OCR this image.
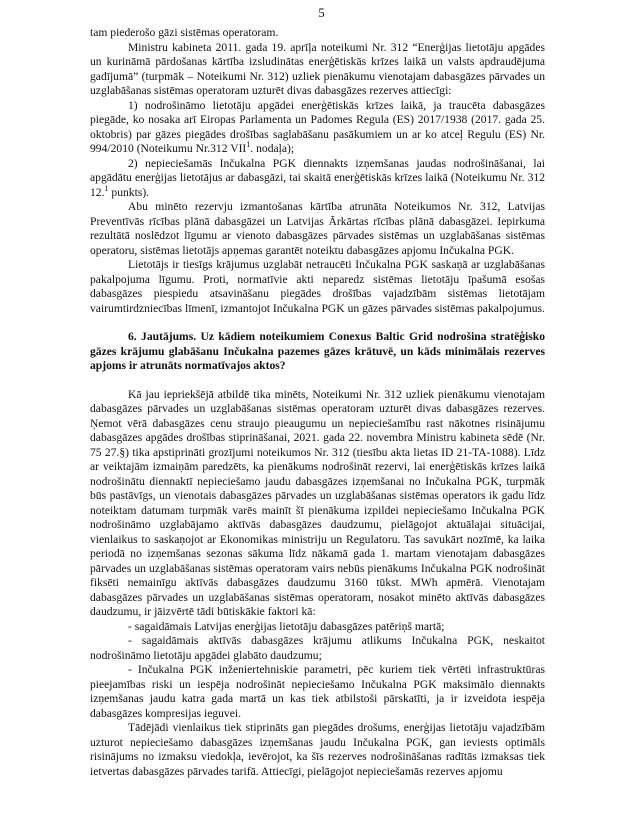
5

tam piederošo gāzi sistēmas operatoram.

Ministru kabineta 2011. gada 19. aprīļa noteikumi Nr. 312 “Enerģijas lietotāju apgādes un kurināmā pārdošanas kārtība izsludinātas enerģētiskās krīzes laikā un valsts apdraudējuma gadījumā” (turpmāk – Noteikumi Nr. 312) uzliek pienākumu vienotajam dabasgāzes pārvades un uzglabāšanas sistēmas operatoram uzturēt divas dabasgāzes rezerves attiecīgi:

1) nodrošināmo lietotāju apgādei enerģētiskās krīzes laikā, ja traucēta dabasgāzes piegāde, ko nosaka arī Eiropas Parlamenta un Padomes Regula (ES) 2017/1938 (2017. gada 25. oktobris) par gāzes piegādes drošības saglabāšanu pasākumiem un ar ko atceļ Regulu (ES) Nr. 994/2010 (Noteikumu Nr.312 VII$^1$. nodaļa);

2) nepieciešamās Inčukalna PGK diennakts izņemšanas jaudas nodrošināšanai, lai apgādātu enerģijas lietotājus ar dabasgāzi, tai skaitā enerģētiskās krīzes laikā (Noteikumu Nr. 312 12.$^1$ punkts).

Abu minēto rezervju izmantošanas kārtība atrunāta Noteikumos Nr. 312, Latvijas Preventīvās rīcības plānā dabasgāzei un Latvijas Ārkārtas rīcības plānā dabasgāzei. Iepirkuma rezultātā noslēdzot līgumu ar vienoto dabasgāzes pārvades sistēmas un uzglabāšanas sistēmas operatoru, sistēmas lietotājs apņemas garantēt noteiktu dabasgāzes apjomu Inčukalna PGK.

Lietotājs ir tiesīgs krājumus uzglabāt netraucēti Inčukalna PGK saskaņā ar uzglabāšanas pakalpojuma līgumu. Proti, normatīvie akti neparedz sistēmas lietotāju īpašumā esošas dabasgāzes piespiedu atsavināšanu piegādes drošības vajadzībām sistēmas lietotājam vairumtirdzniecības līmenī, izmantojot Inčukalna PGK un gāzes pārvades sistēmas pakalpojumus.

6. Jautājums. Uz kādiem noteikumiem Conexus Baltic Grid nodrošina stratēģisko gāzes krājumu glabāšanu Inčukalna pazemes gāzes krātuvē, un kāds minimālais rezerves apjoms ir atrunāts normatīvajos aktos?

Kā jau iepriekšējā atbildē tika minēts, Noteikumi Nr. 312 uzliek pienākumu vienotajam dabasgāzes pārvades un uzglabāšanas sistēmas operatoram uzturēt divas dabasgāzes rezerves. Ņemot vērā dabasgāzes cenu straujo pieaugumu un nepieciešamību rast nākotnes risinājumu dabasgāzes apgādes drošības stiprināšanai, 2021. gada 22. novembra Ministru kabineta sēdē (Nr. 75 27.§) tika apstiprināti grozījumi noteikumos Nr. 312 (tiesību akta lietas ID 21-TA-1088). Līdz ar veiktajām izmaiņām paredzēts, ka pienākums nodrošināt rezervi, lai enerģētiskās krīzes laikā nodrošinātu diennaktī nepieciešamo jaudu dabasgāzes izņemšanai no Inčukalna PGK, turpmāk būs pastāvīgs, un vienotais dabasgāzes pārvades un uzglabāšanas sistēmas operators ik gadu līdz noteiktam datumam turpmāk varēs mainīt šī pienākuma izpildei nepieciešamo Inčukalna PGK nodrošināmo uzglabājamo aktīvās dabasgāzes daudzumu, pielāgojot aktuālajai situācijai, vienlaikus to saskaņojot ar Ekonomikas ministriju un Regulatoru. Tas savukārt nozīmē, ka laika periodā no izņemšanas sezonas sākuma līdz nākamā gada 1. martam vienotajam dabasgāzes pārvades un uzglabāšanas sistēmas operatoram vairs nebūs pienākums Inčukalna PGK nodrošināt fiksēti nemainīgu aktīvās dabasgāzes daudzumu 3160 tūkst. MWh apmērā. Vienotajam dabasgāzes pārvades un uzglabāšanas sistēmas operatoram, nosakot minēto aktīvās dabasgāzes daudzumu, ir jāizvērtē tādi būtiskākie faktori kā:

- sagaidāmais Latvijas enerģijas lietotāju dabasgāzes patēriņš martā;

- sagaidāmais aktīvās dabasgāzes krājumu atlikums Inčukalna PGK, neskaitot nodrošināmo lietotāju apgādei glabāto daudzumu;

- Inčukalna PGK inženiertehniskie parametri, pēc kuriem tiek vērtēti infrastruktūras pieejamības riski un iespēja nodrošināt nepieciešamo Inčukalna PGK maksimālo diennakts izņemšanas jaudu katra gada martā un kas tiek atbilstoši pārskatīti, ja ir izveidota iespēja dabasgāzes kompresijas ieguvei.

Tādējādi vienlaikus tiek stiprināts gan piegādes drošums, enerģijas lietotāju vajadzībām uzturot nepieciešamo dabasgāzes izņemšanas jaudu Inčukalna PGK, gan ieviests optimāls risinājums no izmaksu viedokļa, ievērojot, ka šīs rezerves nodrošināšanas radītās izmaksas tiek ietvertas dabasgāzes pārvades tarifā. Attiecīgi, pielāgojot nepieciešamās rezerves apjomu
